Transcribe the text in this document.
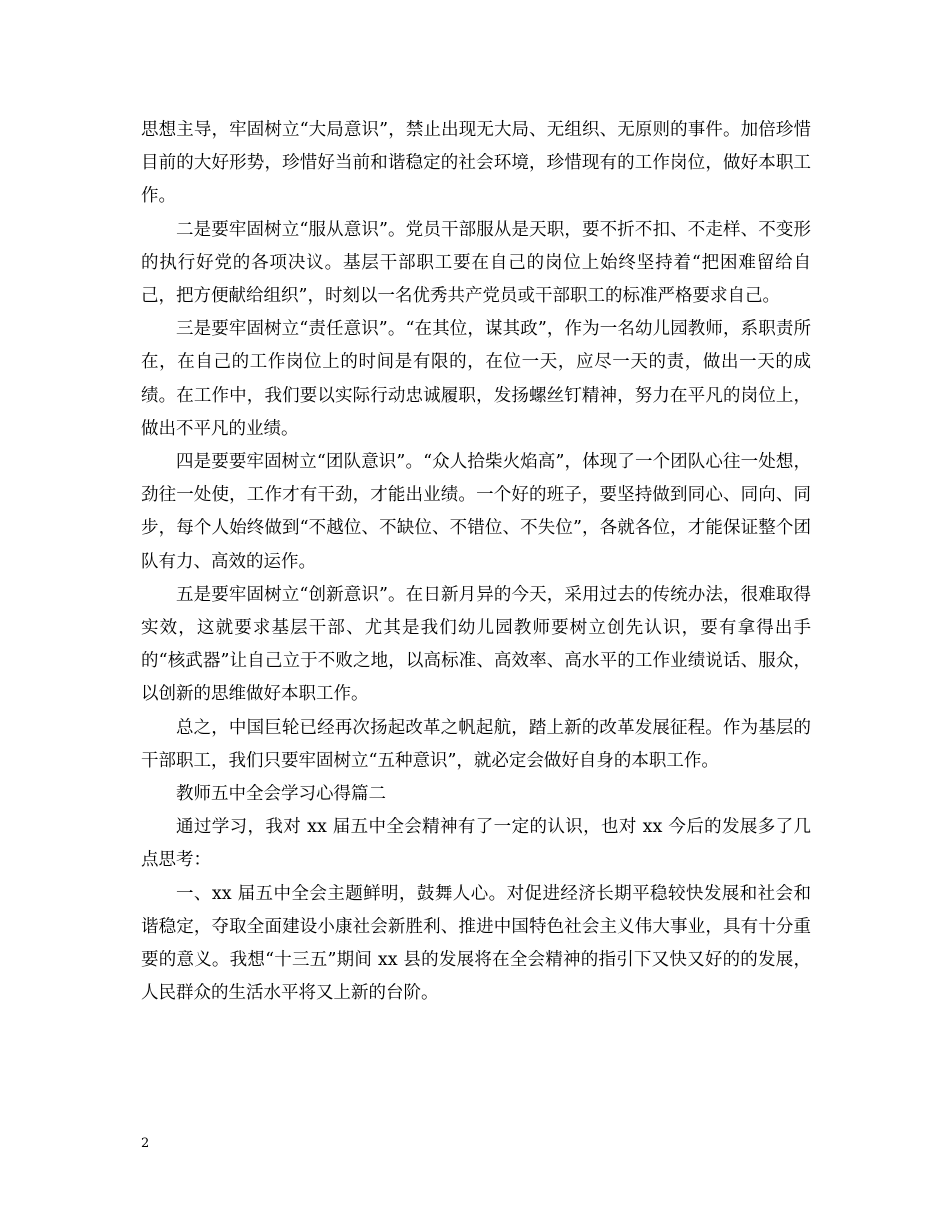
思想主导，牢固树立“大局意识”，禁止出现无大局、无组织、无原则的事件。加倍珍惜目前的大好形势，珍惜好当前和谐稳定的社会环境，珍惜现有的工作岗位，做好本职工作。

二是要牢固树立“服从意识”。党员干部服从是天职，要不折不扣、不走样、不变形的执行好党的各项决议。基层干部职工要在自己的岗位上始终坚持着“把困难留给自己，把方便献给组织”，时刻以一名优秀共产党员或干部职工的标准严格要求自己。

三是要牢固树立“责任意识”。“在其位，谋其政”，作为一名幼儿园教师，系职责所在，在自己的工作岗位上的时间是有限的，在位一天，应尽一天的责，做出一天的成绩。在工作中，我们要以实际行动忠诚履职，发扬螺丝钉精神，努力在平凡的岗位上，做出不平凡的业绩。

四是要要牢固树立“团队意识”。“众人拾柴火焰高”，体现了一个团队心往一处想，劲往一处使，工作才有干劲，才能出业绩。一个好的班子，要坚持做到同心、同向、同步，每个人始终做到“不越位、不缺位、不错位、不失位”，各就各位，才能保证整个团队有力、高效的运作。

五是要牢固树立“创新意识”。在日新月异的今天，采用过去的传统办法，很难取得实效，这就要求基层干部、尤其是我们幼儿园教师要树立创先认识，要有拿得出手的“核武器”让自己立于不败之地，以高标准、高效率、高水平的工作业绩说话、服众，以创新的思维做好本职工作。

总之，中国巨轮已经再次扬起改革之帆起航，踏上新的改革发展征程。作为基层的干部职工，我们只要牢固树立“五种意识”，就必定会做好自身的本职工作。

教师五中全会学习心得篇二

通过学习，我对 xx 届五中全会精神有了一定的认识，也对 xx 今后的发展多了几点思考：

一、xx 届五中全会主题鲜明，鼓舞人心。对促进经济长期平稳较快发展和社会和谐稳定，夺取全面建设小康社会新胜利、推进中国特色社会主义伟大事业，具有十分重要的意义。我想“十三五”期间 xx 县的发展将在全会精神的指引下又快又好的的发展，人民群众的生活水平将又上新的台阶。

2
